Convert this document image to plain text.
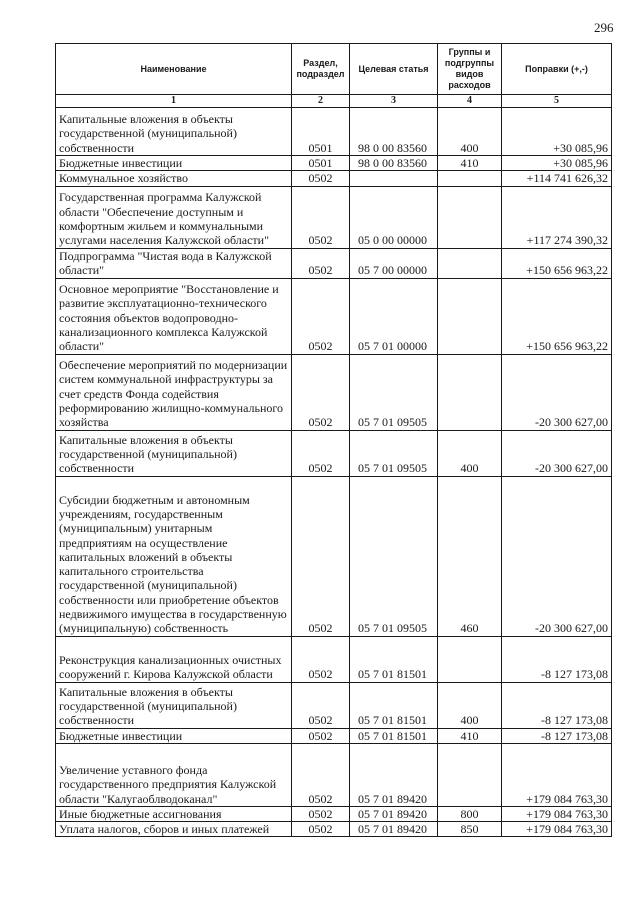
296
Наименование	Раздел, подраздел	Целевая статья	Группы и подгруппы видов расходов	Поправки (+,-)
1	2	3	4	5
Капитальные вложения в объекты государственной (муниципальной) собственности	0501	98 0 00 83560	400	+30 085,96
Бюджетные инвестиции	0501	98 0 00 83560	410	+30 085,96
Коммунальное хозяйство	0502			+114 741 626,32
Государственная программа Калужской области "Обеспечение доступным и комфортным жильем и коммунальными услугами населения Калужской области"	0502	05 0 00 00000		+117 274 390,32
Подпрограмма "Чистая вода в Калужской области"	0502	05 7 00 00000		+150 656 963,22
Основное мероприятие "Восстановление и развитие эксплуатационно-технического состояния объектов водопроводно-канализационного комплекса Калужской области"	0502	05 7 01 00000		+150 656 963,22
Обеспечение мероприятий по модернизации систем коммунальной инфраструктуры за счет средств Фонда содействия реформированию жилищно-коммунального хозяйства	0502	05 7 01 09505		-20 300 627,00
Капитальные вложения в объекты государственной (муниципальной) собственности	0502	05 7 01 09505	400	-20 300 627,00
Субсидии бюджетным и автономным учреждениям, государственным (муниципальным) унитарным предприятиям на осуществление капитальных вложений в объекты капитального строительства государственной (муниципальной) собственности или приобретение объектов недвижимого имущества в государственную (муниципальную) собственность	0502	05 7 01 09505	460	-20 300 627,00
Реконструкция канализационных очистных сооружений г. Кирова Калужской области	0502	05 7 01 81501		-8 127 173,08
Капитальные вложения в объекты государственной (муниципальной) собственности	0502	05 7 01 81501	400	-8 127 173,08
Бюджетные инвестиции	0502	05 7 01 81501	410	-8 127 173,08
Увеличение уставного фонда государственного предприятия Калужской области "Калугаоблводоканал"	0502	05 7 01 89420		+179 084 763,30
Иные бюджетные ассигнования	0502	05 7 01 89420	800	+179 084 763,30
Уплата налогов, сборов и иных платежей	0502	05 7 01 89420	850	+179 084 763,30
